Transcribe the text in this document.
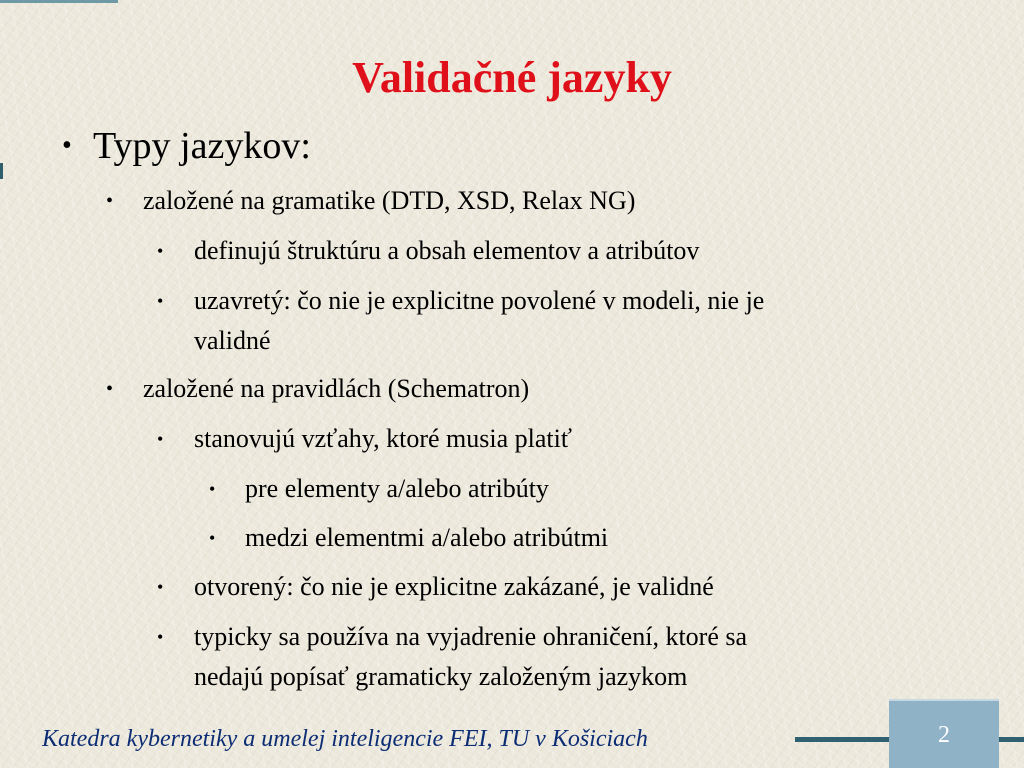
Validačné jazyky
• Typy jazykov:
• založené na gramatike (DTD, XSD, Relax NG)
• definujú štruktúru a obsah elementov a atribútov
• uzavretý: čo nie je explicitne povolené v modeli, nie je
validné
• založené na pravidlách (Schematron)
• stanovujú vzťahy, ktoré musia platiť
• pre elementy a/alebo atribúty
• medzi elementmi a/alebo atribútmi
• otvorený: čo nie je explicitne zakázané, je validné
• typicky sa používa na vyjadrenie ohraničení, ktoré sa
nedajú popísať gramaticky založeným jazykom
Katedra kybernetiky a umelej inteligencie FEI, TU v Košiciach	2
